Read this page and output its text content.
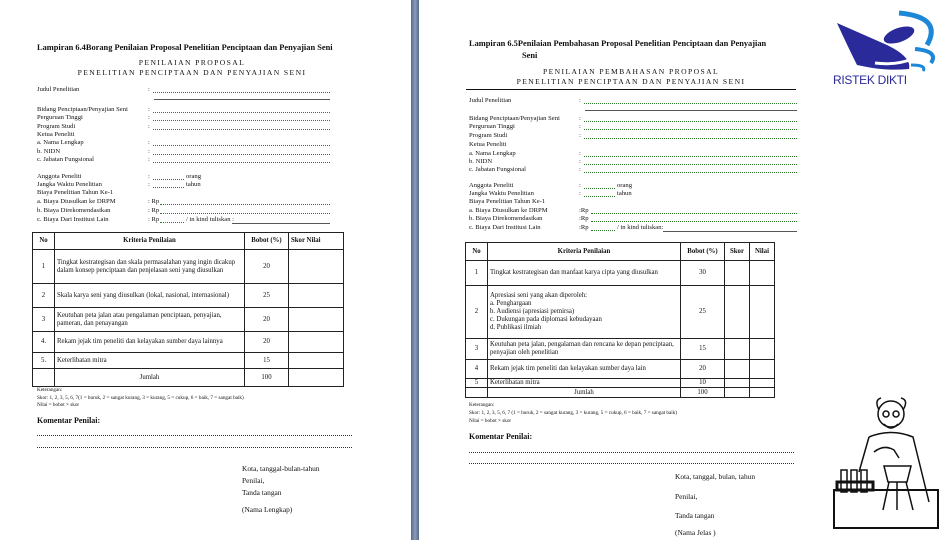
Lampiran 6.4Borang Penilaian Proposal Penelitian Penciptaan dan Penyajian Seni
PENILAIAN PROPOSAL
PENELITIAN PENCIPTAAN DAN PENYAJIAN SENI
Judul Penelitian	:
Bidang Penciptaan/Penyajian Seni	:
Perguruan Tinggi	:
Program Studi	:
Ketua Peneliti
a. Nama Lengkap	:
b. NIDN	:
c. Jabatan Fungsional	:
Anggota Peneliti	:	orang
Jangka Waktu Penelitian	:	tahun
Biaya Penelitian Tahun Ke-1
a. Biaya Diusulkan ke DRPM	: Rp
b. Biaya Direkomendasikan	: Rp
c. Biaya Dari Institusi Lain	: Rp	/ in kind tuliskan :
No	Kriteria Penilaian	Bobot (%)	Skor Nilai
1	Tingkat kestrategisan dan skala permasalahan yang ingin dicakup dalam konsep penciptaan dan penjelasan seni yang diusulkan	20	
2	Skala karya seni yang diusulkan (lokal, nasional, internasional)	25	
3	Keutuhan peta jalan atau pengalaman penciptaan, penyajian, pameran, dan penayangan	20	
4.	Rekam jejak tim peneliti dan kelayakan sumber daya lainnya	20	
5.	Keterlibatan mitra	15	
	Jumlah	100	
Keterangan:
Skor: 1, 2, 3, 5, 6, 7(1 = buruk, 2 = sangat kurang, 3 = kurang, 5 = cukup, 6 = baik, 7 = sangat baik)
Nilai = bobot × skor
Komentar Penilai:
Kota, tanggal-bulan-tahun
Penilai,
Tanda tangan
(Nama Lengkap)
Lampiran 6.5Penilaian Pembahasan Proposal Penelitian Penciptaan dan Penyajian
Seni
PENILAIAN PEMBAHASAN PROPOSAL
PENELITIAN PENCIPTAAN DAN PENYAJIAN SENI
Judul Penelitian	:
Bidang Penciptaan/Penyajian Seni	:
Perguruan Tinggi	:
Program Studi	:
Ketua Peneliti
a. Nama Lengkap	:
b. NIDN	:
c. Jabatan Fungsional	:
Anggota Peneliti	:	orang
Jangka Waktu Penelitian	:	tahun
Biaya Penelitian Tahun Ke-1
a. Biaya Diusulkan ke DRPM	:Rp
b. Biaya Direkomendasikan	:Rp
c. Biaya Dari Institusi Lain	:Rp	/ in kind tuliskan:
No	Kriteria Penilaian	Bobot (%)	Skor	Nilai
1	Tingkat kestrategisan dan manfaat karya cipta yang diusulkan	30		
2	Apresiasi seni yang akan diperoleh:
a. Penghargaan
b. Audiensi (apresiasi pemirsa)
c. Dukungan pada diplomasi kebudayaan
d. Publikasi ilmiah	25		
3	Keutuhan peta jalan, pengalaman dan rencana ke depan penciptaan, penyajian oleh penelitian	15		
4	Rekam jejak tim peneliti dan kelayakan sumber daya lain	20		
5	Keterlibatan mitra	10		
	Jumlah	100		
Keterangan:
Skor: 1, 2, 3, 5, 6, 7 (1 = buruk, 2 = sangat kurang, 3 = kurang, 5 = cukup, 6 = baik, 7 = sangat baik)
Nilai = bobot × skor
Komentar Penilai:
Kota, tanggal, bulan, tahun
Penilai,
Tanda tangan
(Nama Jelas )
RISTEK DIKTI
